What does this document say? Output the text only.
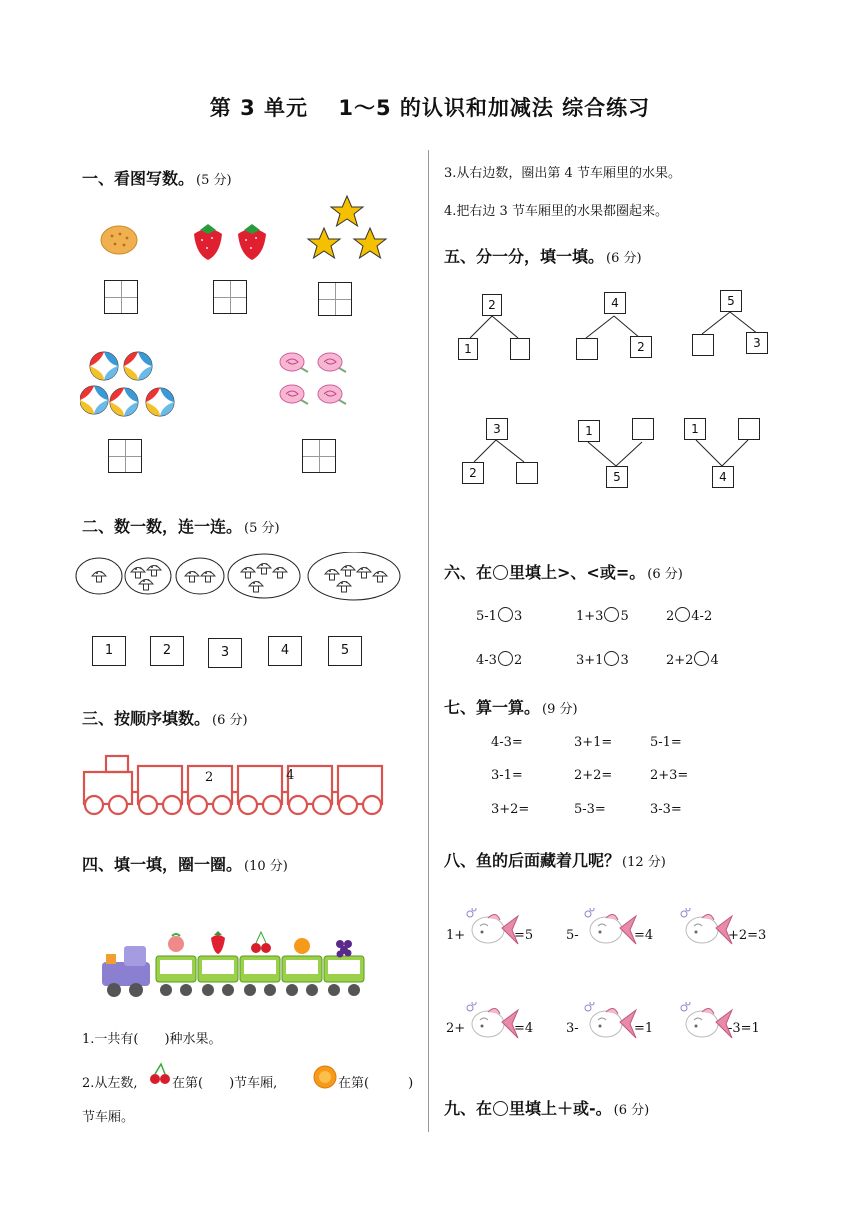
第 3 单元　 1～5 的认识和加减法 综合练习
一、看图写数。 (5 分)
二、数一数，连一连。 (5 分)
1	2	3	4	5
三、按顺序填数。 (6 分)
2	4
四、填一填，圈一圈。 (10 分)
1.一共有(　　)种水果。
2.从左数,	在第(　　)节车厢,	在第(　　　)
节车厢。
3.从右边数，圈出第 4 节车厢里的水果。
4.把右边 3 节车厢里的水果都圈起来。
五、分一分，填一填。 (6 分)
2
1
4
2
5
3
3
2
1
5
1
4
六、在 里填上>、<或=。 (6 分)
5-1 3	1+3 5	2 4-2
4-3 2	3+1 3	2+2 4
七、算一算。 (9 分)
4-3=	3+1=	5-1=
3-1=	2+2=	2+3=
3+2=	5-3=	3-3=
八、鱼的后面藏着几呢？ (12 分)
1+	=5	5-	=4	+2=3
2+	=4	3-	=1	-3=1
九、在 里填上＋或-。 (6 分)
